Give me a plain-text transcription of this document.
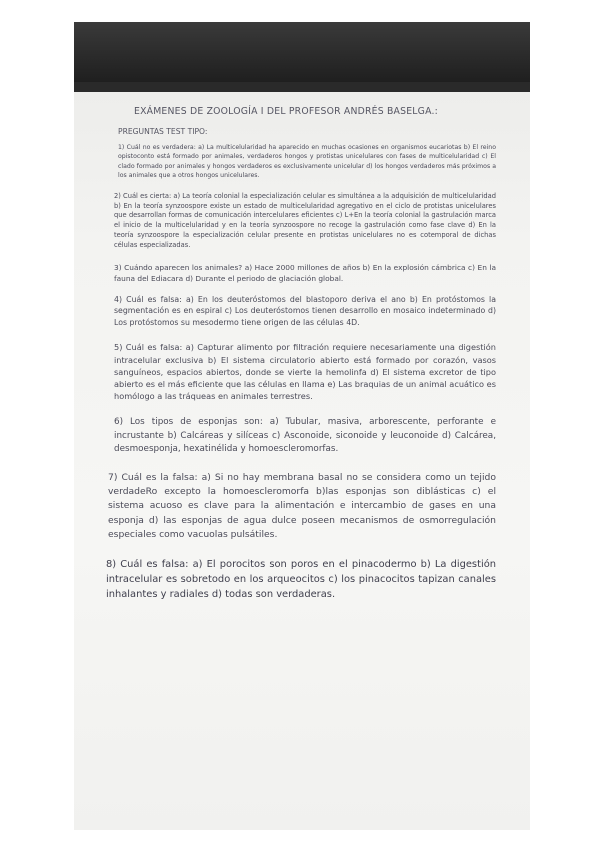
EXÁMENES DE ZOOLOGÍA I DEL PROFESOR ANDRÉS BASELGA.:
PREGUNTAS TEST TIPO:

1) Cuál no es verdadera: a) La multicelularidad ha aparecido en muchas ocasiones en organismos eucariotas b) El reino opistoconto está formado por animales, verdaderos hongos y protistas unicelulares con fases de multicelularidad c) El clado formado por animales y hongos verdaderos es exclusivamente unicelular d) los hongos verdaderos más próximos a los animales que a otros hongos unicelulares.

2) Cuál es cierta: a) La teoría colonial la especialización celular es simultánea a la adquisición de multicelularidad b) En la teoría synzoospore existe un estado de multicelularidad agregativo en el ciclo de protistas unicelulares que desarrollan formas de comunicación intercelulares eficientes c) L+En la teoría colonial la gastrulación marca el inicio de la multicelularidad y en la teoría synzoospore no recoge la gastrulación como fase clave d) En la teoría synzoospore la especialización celular presente en protistas unicelulares no es cotemporal de dichas células especializadas.

3) Cuándo aparecen los animales? a) Hace 2000 millones de años b) En la explosión cámbrica c) En la fauna del Ediacara d) Durante el periodo de glaciación global.

4) Cuál es falsa: a) En los deuteróstomos del blastoporo deriva el ano b) En protóstomos la segmentación es en espiral c) Los deuteróstomos tienen desarrollo en mosaico indeterminado d) Los protóstomos su mesodermo tiene origen de las células 4D.

5) Cuál es falsa: a) Capturar alimento por filtración requiere necesariamente una digestión intracelular exclusiva b) El sistema circulatorio abierto está formado por corazón, vasos sanguíneos, espacios abiertos, donde se vierte la hemolinfa d) El sistema excretor de tipo abierto es el más eficiente que las células en llama e) Las braquias de un animal acuático es homólogo a las tráqueas en animales terrestres.

6) Los tipos de esponjas son: a) Tubular, masiva, arborescente, perforante e incrustante b) Calcáreas y silíceas c) Asconoide, siconoide y leuconoide d) Calcárea, desmoesponja, hexatinélida y homoescleromorfas.

7) Cuál es la falsa: a) Si no hay membrana basal no se considera como un tejido verdadeRo excepto la homoescleromorfa b)las esponjas son diblásticas c) el sistema acuoso es clave para la alimentación e intercambio de gases en una esponja d) las esponjas de agua dulce poseen mecanismos de osmorregulación especiales como vacuolas pulsátiles.

8) Cuál es falsa: a) El porocitos son poros en el pinacodermo b) La digestión intracelular es sobretodo en los arqueocitos c) los pinacocitos tapizan canales inhalantes y radiales d) todas son verdaderas.
